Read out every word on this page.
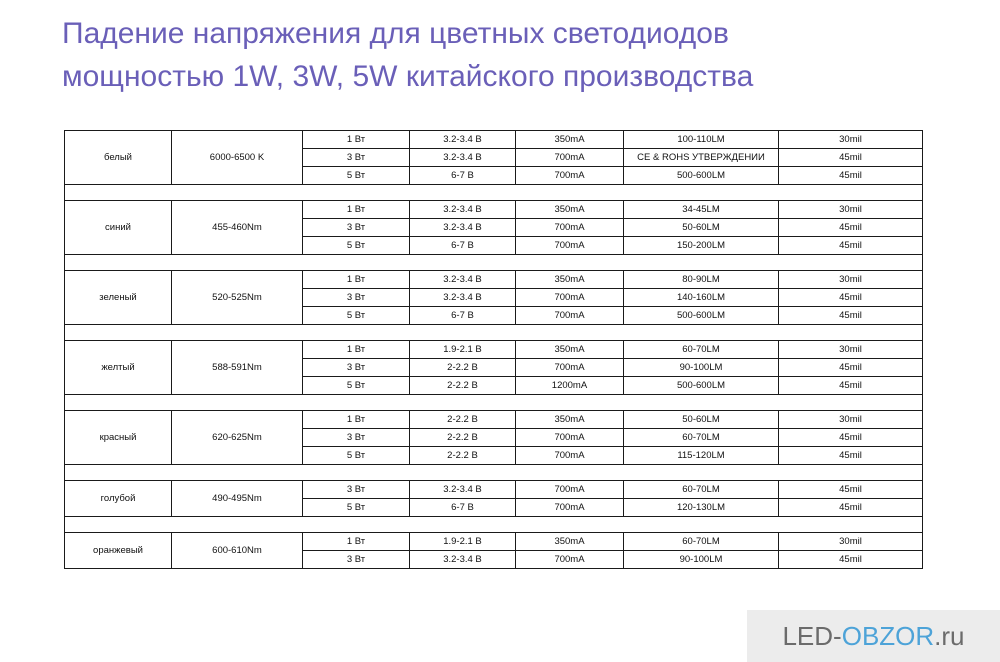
Падение напряжения для цветных светодиодов
мощностью 1W, 3W, 5W китайского производства
белый	6000-6500 K	1 Вт	3.2-3.4 В	350mA	100-110LM	30mil
		3 Вт	3.2-3.4 В	700mA	CE & ROHS УТВЕРЖДЕНИИ	45mil
		5 Вт	6-7 В	700mA	500-600LM	45mil

синий	455-460Nm	1 Вт	3.2-3.4 В	350mA	34-45LM	30mil
		3 Вт	3.2-3.4 В	700mA	50-60LM	45mil
		5 Вт	6-7 В	700mA	150-200LM	45mil

зеленый	520-525Nm	1 Вт	3.2-3.4 В	350mA	80-90LM	30mil
		3 Вт	3.2-3.4 В	700mA	140-160LM	45mil
		5 Вт	6-7 В	700mA	500-600LM	45mil

желтый	588-591Nm	1 Вт	1.9-2.1 В	350mA	60-70LM	30mil
		3 Вт	2-2.2 В	700mA	90-100LM	45mil
		5 Вт	2-2.2 В	1200mA	500-600LM	45mil

красный	620-625Nm	1 Вт	2-2.2 В	350mA	50-60LM	30mil
		3 Вт	2-2.2 В	700mA	60-70LM	45mil
		5 Вт	2-2.2 В	700mA	115-120LM	45mil

голубой	490-495Nm	3 Вт	3.2-3.4 В	700mA	60-70LM	45mil
		5 Вт	6-7 В	700mA	120-130LM	45mil

оранжевый	600-610Nm	1 Вт	1.9-2.1 В	350mA	60-70LM	30mil
		3 Вт	3.2-3.4 В	700mA	90-100LM	45mil
LED-OBZOR.ru
